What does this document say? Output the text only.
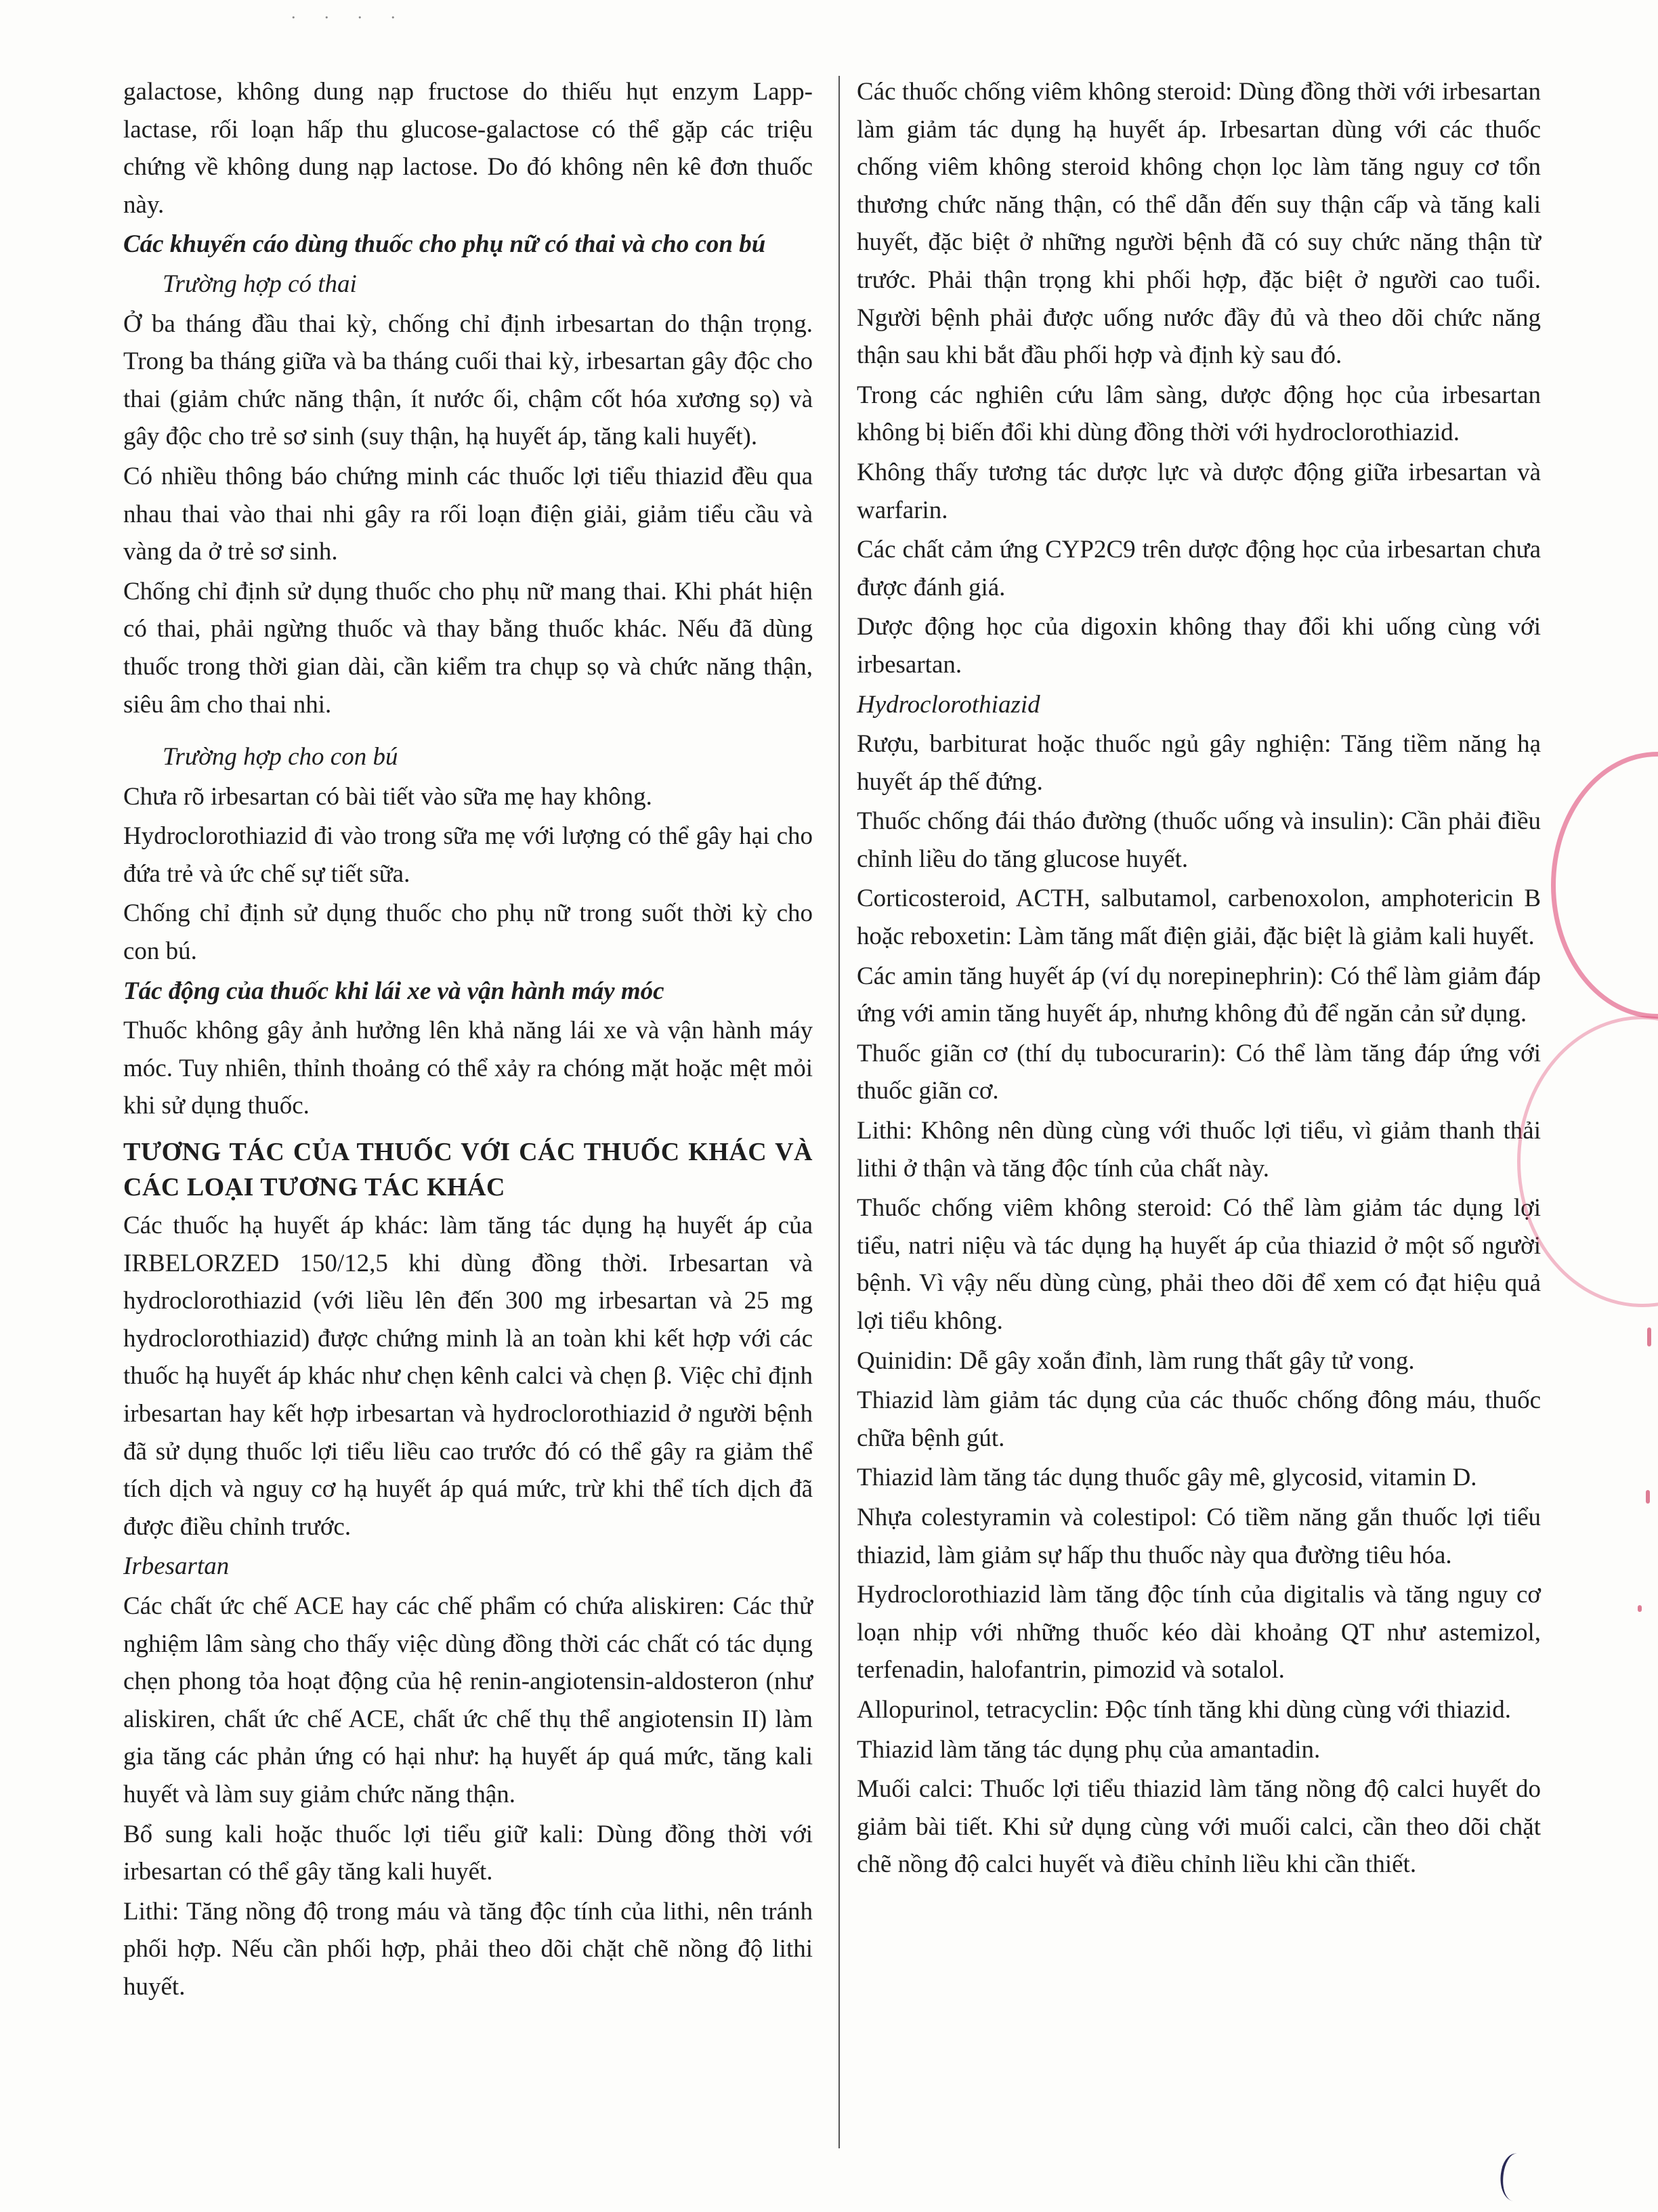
. . . .

galactose, không dung nạp fructose do thiếu hụt enzym Lapp-lactase, rối loạn hấp thu glucose-galactose có thể gặp các triệu chứng về không dung nạp lactose. Do đó không nên kê đơn thuốc này.

Các khuyến cáo dùng thuốc cho phụ nữ có thai và cho con bú

Trường hợp có thai

Ở ba tháng đầu thai kỳ, chống chỉ định irbesartan do thận trọng. Trong ba tháng giữa và ba tháng cuối thai kỳ, irbesartan gây độc cho thai (giảm chức năng thận, ít nước ối, chậm cốt hóa xương sọ) và gây độc cho trẻ sơ sinh (suy thận, hạ huyết áp, tăng kali huyết).

Có nhiều thông báo chứng minh các thuốc lợi tiểu thiazid đều qua nhau thai vào thai nhi gây ra rối loạn điện giải, giảm tiểu cầu và vàng da ở trẻ sơ sinh.

Chống chỉ định sử dụng thuốc cho phụ nữ mang thai. Khi phát hiện có thai, phải ngừng thuốc và thay bằng thuốc khác. Nếu đã dùng thuốc trong thời gian dài, cần kiểm tra chụp sọ và chức năng thận, siêu âm cho thai nhi.

Trường hợp cho con bú

Chưa rõ irbesartan có bài tiết vào sữa mẹ hay không.

Hydroclorothiazid đi vào trong sữa mẹ với lượng có thể gây hại cho đứa trẻ và ức chế sự tiết sữa.

Chống chỉ định sử dụng thuốc cho phụ nữ trong suốt thời kỳ cho con bú.

Tác động của thuốc khi lái xe và vận hành máy móc

Thuốc không gây ảnh hưởng lên khả năng lái xe và vận hành máy móc. Tuy nhiên, thỉnh thoảng có thể xảy ra chóng mặt hoặc mệt mỏi khi sử dụng thuốc.

TƯƠNG TÁC CỦA THUỐC VỚI CÁC THUỐC KHÁC VÀ CÁC LOẠI TƯƠNG TÁC KHÁC

Các thuốc hạ huyết áp khác: làm tăng tác dụng hạ huyết áp của IRBELORZED 150/12,5 khi dùng đồng thời. Irbesartan và hydroclorothiazid (với liều lên đến 300 mg irbesartan và 25 mg hydroclorothiazid) được chứng minh là an toàn khi kết hợp với các thuốc hạ huyết áp khác như chẹn kênh calci và chẹn β. Việc chỉ định irbesartan hay kết hợp irbesartan và hydroclorothiazid ở người bệnh đã sử dụng thuốc lợi tiểu liều cao trước đó có thể gây ra giảm thể tích dịch và nguy cơ hạ huyết áp quá mức, trừ khi thể tích dịch đã được điều chỉnh trước.

Irbesartan

Các chất ức chế ACE hay các chế phẩm có chứa aliskiren: Các thử nghiệm lâm sàng cho thấy việc dùng đồng thời các chất có tác dụng chẹn phong tỏa hoạt động của hệ renin-angiotensin-aldosteron (như aliskiren, chất ức chế ACE, chất ức chế thụ thể angiotensin II) làm gia tăng các phản ứng có hại như: hạ huyết áp quá mức, tăng kali huyết và làm suy giảm chức năng thận.

Bổ sung kali hoặc thuốc lợi tiểu giữ kali: Dùng đồng thời với irbesartan có thể gây tăng kali huyết.

Lithi: Tăng nồng độ trong máu và tăng độc tính của lithi, nên tránh phối hợp. Nếu cần phối hợp, phải theo dõi chặt chẽ nồng độ lithi huyết.

Các thuốc chống viêm không steroid: Dùng đồng thời với irbesartan làm giảm tác dụng hạ huyết áp. Irbesartan dùng với các thuốc chống viêm không steroid không chọn lọc làm tăng nguy cơ tổn thương chức năng thận, có thể dẫn đến suy thận cấp và tăng kali huyết, đặc biệt ở những người bệnh đã có suy chức năng thận từ trước. Phải thận trọng khi phối hợp, đặc biệt ở người cao tuổi. Người bệnh phải được uống nước đầy đủ và theo dõi chức năng thận sau khi bắt đầu phối hợp và định kỳ sau đó.

Trong các nghiên cứu lâm sàng, dược động học của irbesartan không bị biến đổi khi dùng đồng thời với hydroclorothiazid.

Không thấy tương tác dược lực và dược động giữa irbesartan và warfarin.

Các chất cảm ứng CYP2C9 trên dược động học của irbesartan chưa được đánh giá.

Dược động học của digoxin không thay đổi khi uống cùng với irbesartan.

Hydroclorothiazid

Rượu, barbiturat hoặc thuốc ngủ gây nghiện: Tăng tiềm năng hạ huyết áp thế đứng.

Thuốc chống đái tháo đường (thuốc uống và insulin): Cần phải điều chỉnh liều do tăng glucose huyết.

Corticosteroid, ACTH, salbutamol, carbenoxolon, amphotericin B hoặc reboxetin: Làm tăng mất điện giải, đặc biệt là giảm kali huyết.

Các amin tăng huyết áp (ví dụ norepinephrin): Có thể làm giảm đáp ứng với amin tăng huyết áp, nhưng không đủ để ngăn cản sử dụng.

Thuốc giãn cơ (thí dụ tubocurarin): Có thể làm tăng đáp ứng với thuốc giãn cơ.

Lithi: Không nên dùng cùng với thuốc lợi tiểu, vì giảm thanh thải lithi ở thận và tăng độc tính của chất này.

Thuốc chống viêm không steroid: Có thể làm giảm tác dụng lợi tiểu, natri niệu và tác dụng hạ huyết áp của thiazid ở một số người bệnh. Vì vậy nếu dùng cùng, phải theo dõi để xem có đạt hiệu quả lợi tiểu không.

Quinidin: Dễ gây xoắn đỉnh, làm rung thất gây tử vong.

Thiazid làm giảm tác dụng của các thuốc chống đông máu, thuốc chữa bệnh gút.

Thiazid làm tăng tác dụng thuốc gây mê, glycosid, vitamin D.

Nhựa colestyramin và colestipol: Có tiềm năng gắn thuốc lợi tiểu thiazid, làm giảm sự hấp thu thuốc này qua đường tiêu hóa.

Hydroclorothiazid làm tăng độc tính của digitalis và tăng nguy cơ loạn nhịp với những thuốc kéo dài khoảng QT như astemizol, terfenadin, halofantrin, pimozid và sotalol.

Allopurinol, tetracyclin: Độc tính tăng khi dùng cùng với thiazid.

Thiazid làm tăng tác dụng phụ của amantadin.

Muối calci: Thuốc lợi tiểu thiazid làm tăng nồng độ calci huyết do giảm bài tiết. Khi sử dụng cùng với muối calci, cần theo dõi chặt chẽ nồng độ calci huyết và điều chỉnh liều khi cần thiết.
